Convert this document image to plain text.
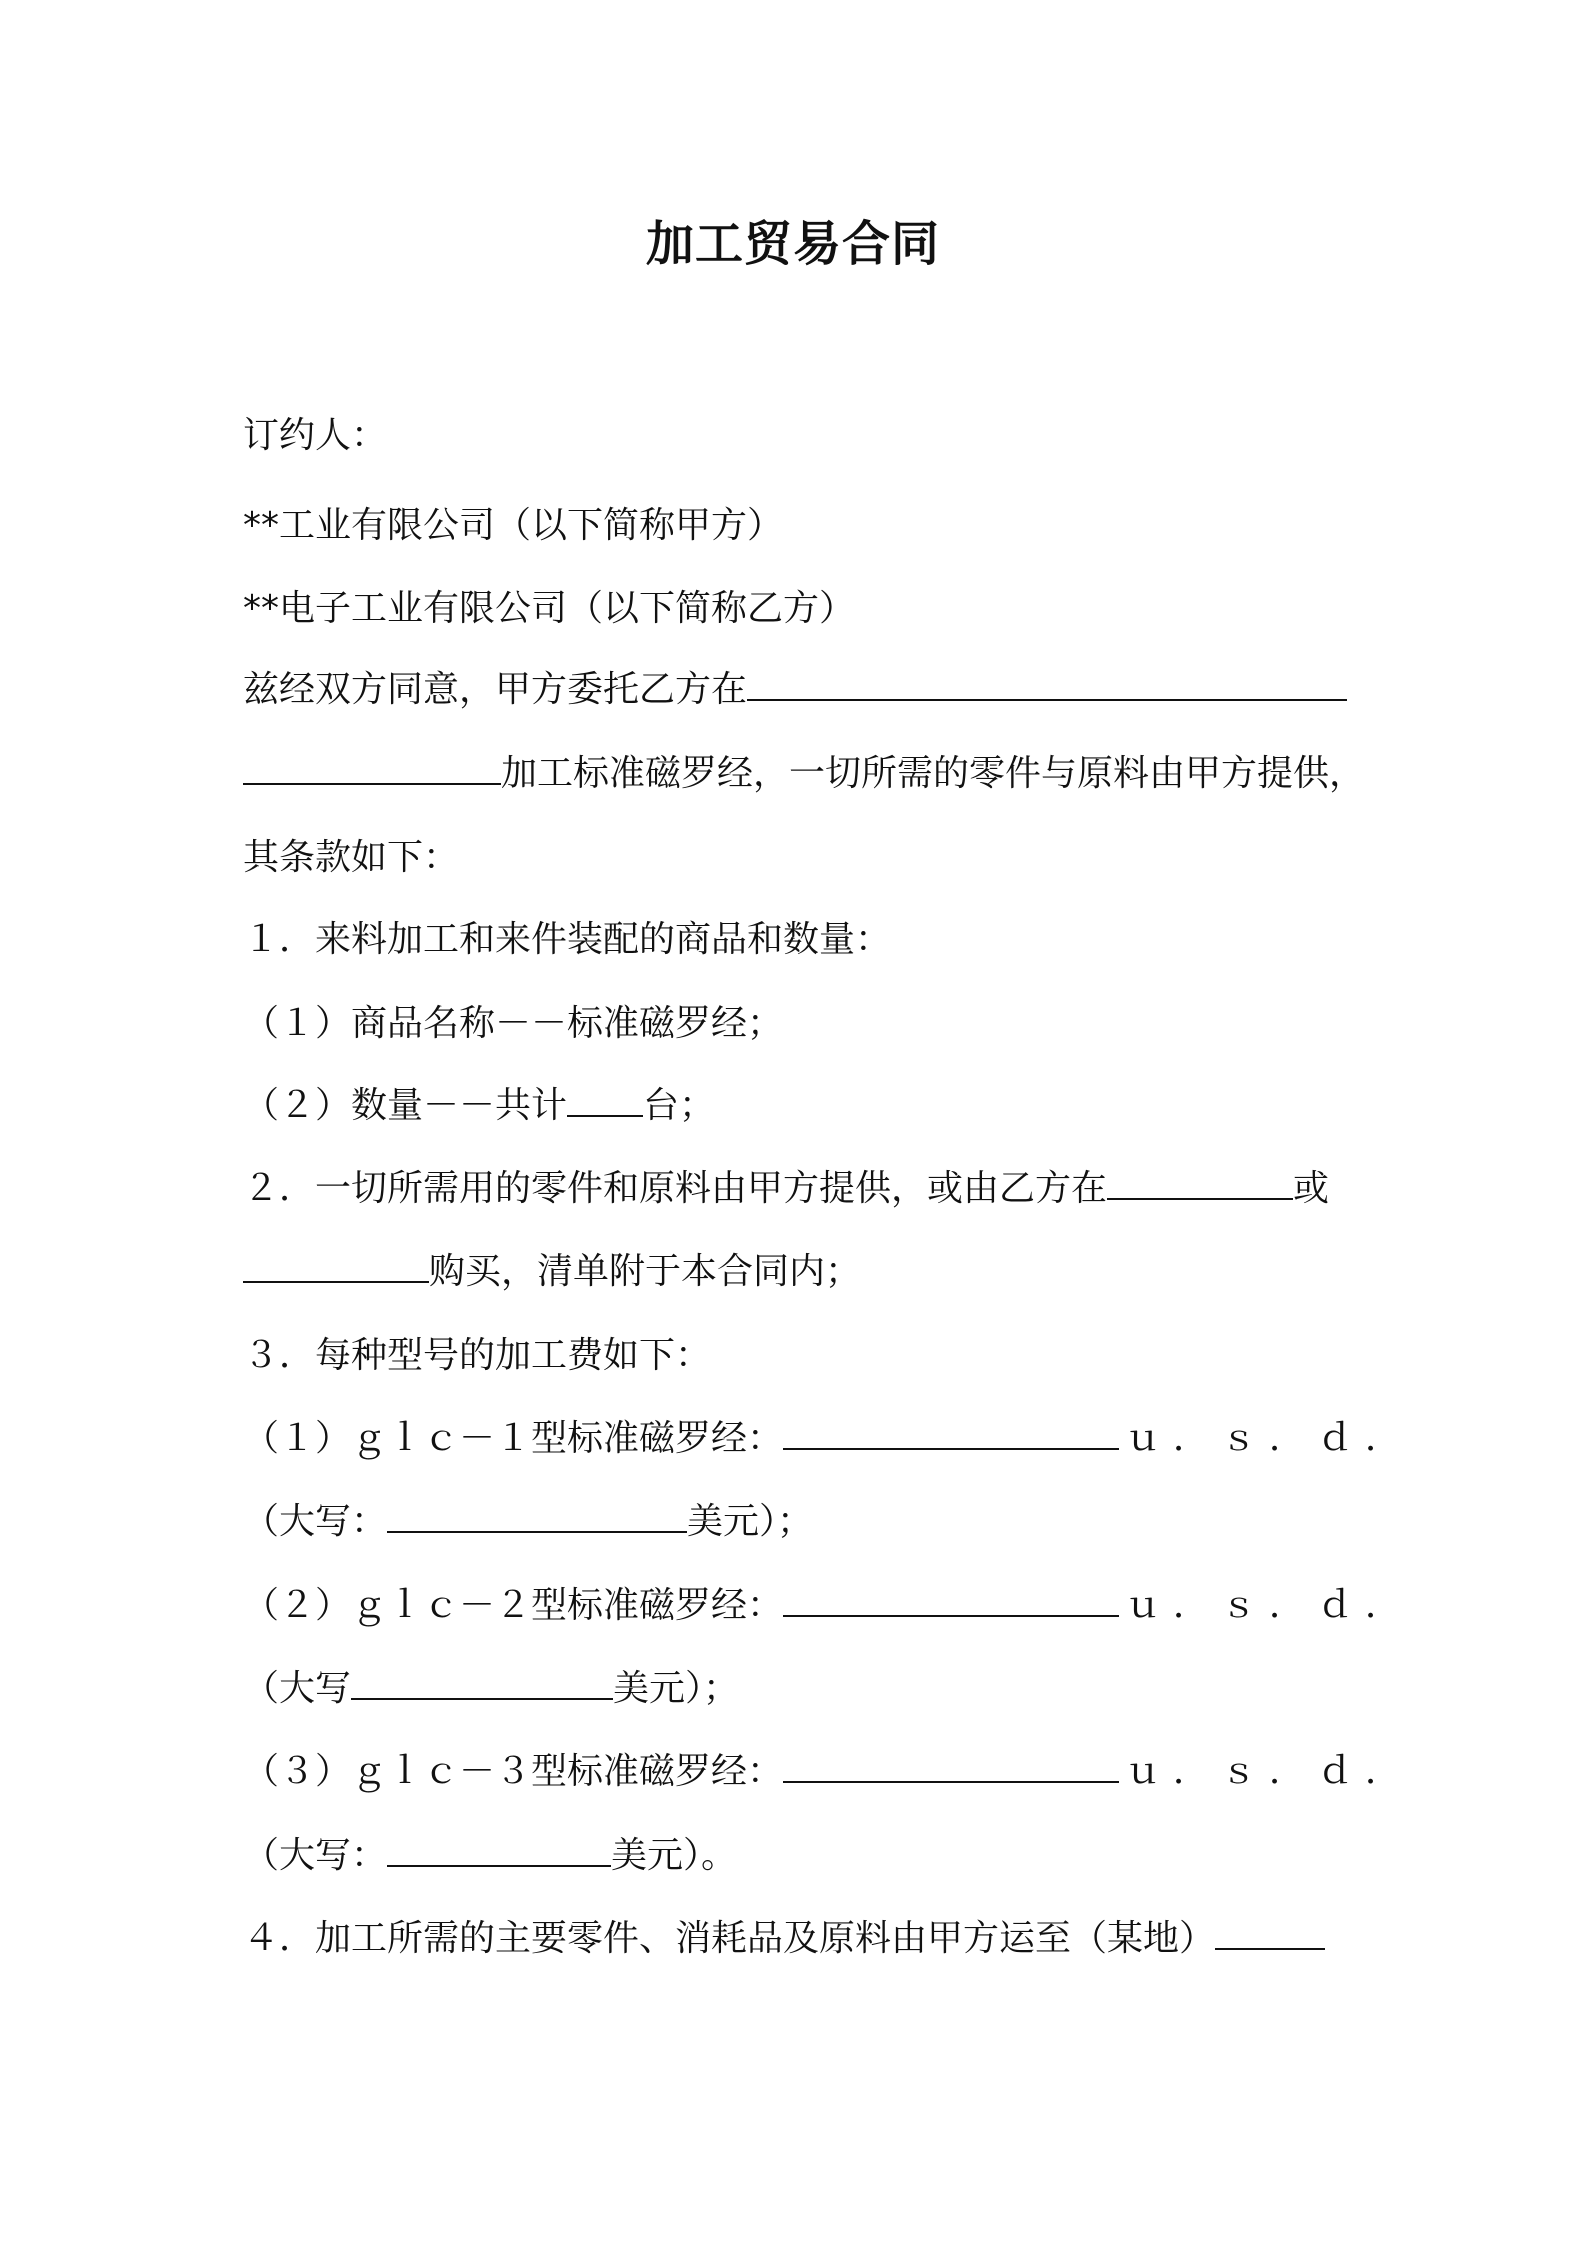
加工贸易合同
订约人：
**工业有限公司（以下简称甲方）
**电子工业有限公司（以下简称乙方）
兹经双方同意，甲方委托乙方在
加工标准磁罗经，一切所需的零件与原料由甲方提供，
其条款如下：
１．来料加工和来件装配的商品和数量：
（１）商品名称－－标准磁罗经；
（２）数量－－共计 台；
２．一切所需用的零件和原料由甲方提供，或由乙方在	或
购买，清单附于本合同内；
３．每种型号的加工费如下：
（１）ｇｌｃ－１型标准磁罗经：	ｕ．ｓ．ｄ．
（大写：	美元）；
（２）ｇｌｃ－２型标准磁罗经：	ｕ．ｓ．ｄ．
（大写	美元）；
（３）ｇｌｃ－３型标准磁罗经：	ｕ．ｓ．ｄ．
（大写：	美元）。
４．加工所需的主要零件、消耗品及原料由甲方运至（某地）
